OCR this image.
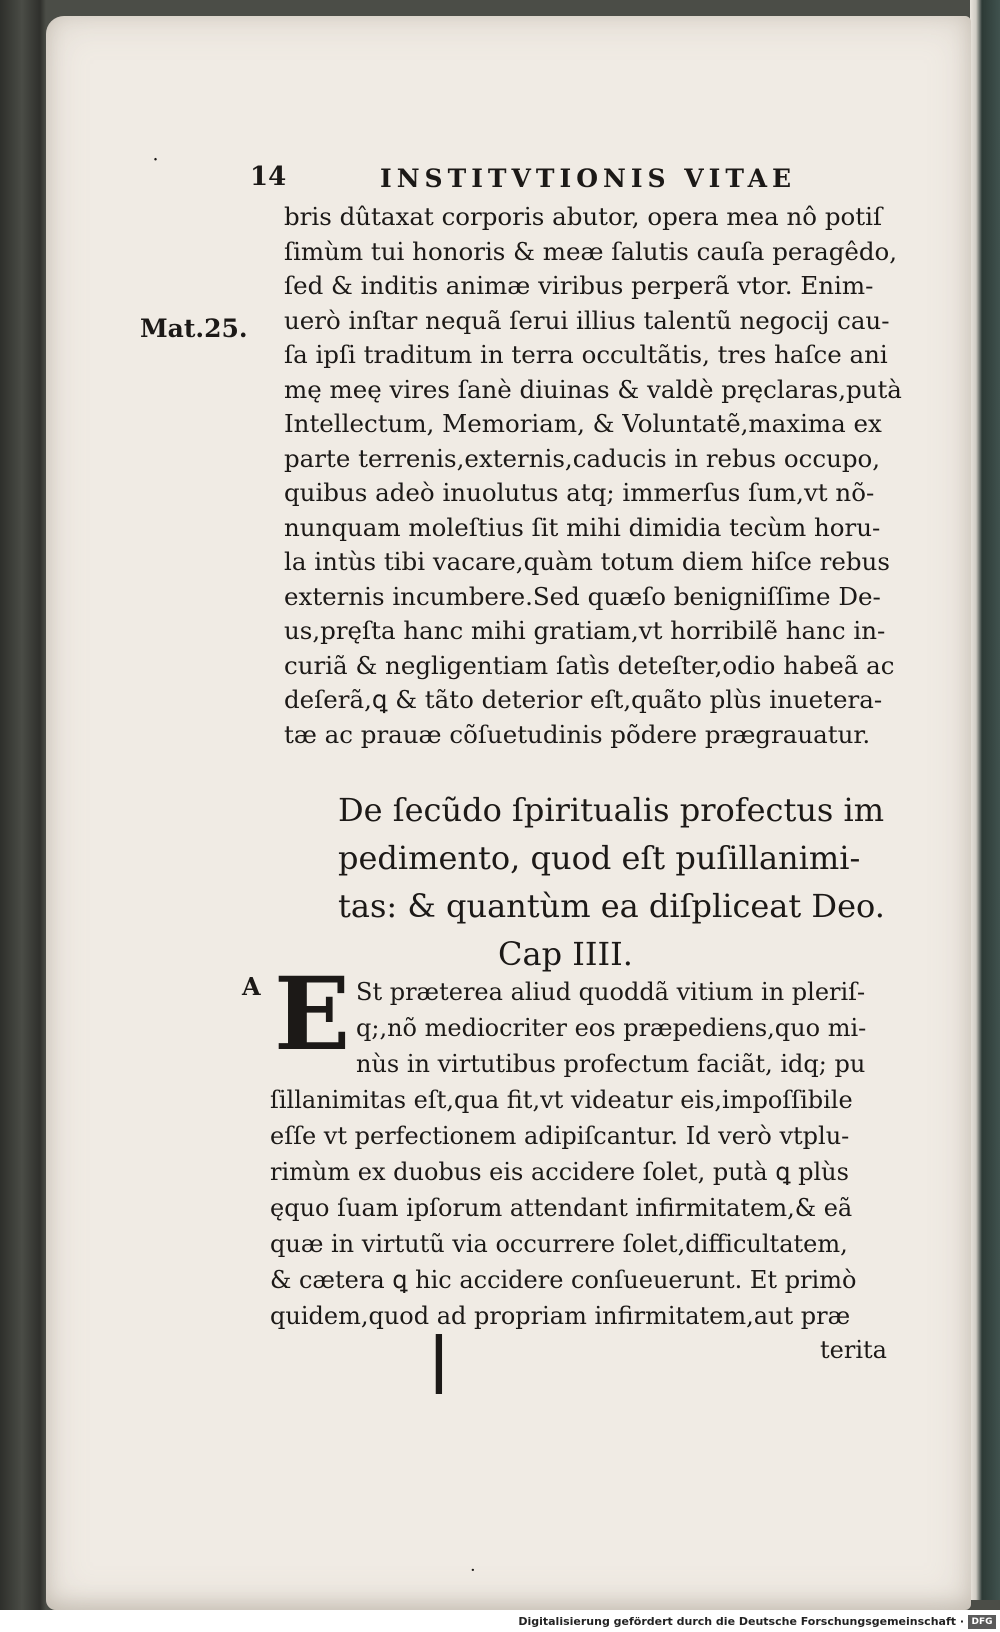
˙	14	INSTITVTIONIS VITAE
Mat.25.
bris dûtaxat corporis abutor, opera mea nô potiſ
ſimùm tui honoris & meæ ſalutis cauſa peragêdo,
ſed & inditis animæ viribus perperã vtor. Enim-
uerò inſtar nequã ſerui illius talentũ negocij cau-
ſa ipſi traditum in terra occultãtis, tres haſce ani
mę meę vires ſanè diuinas & valdè pręclaras,putà
Intellectum, Memoriam, & Voluntatẽ,maxima ex
parte terrenis,externis,caducis in rebus occupo,
quibus adeò inuolutus atq; immerſus ſum,vt nõ-
nunquam moleſtius ſit mihi dimidia tecùm horu-
la intùs tibi vacare,quàm totum diem hiſce rebus
externis incumbere.Sed quæſo benigniſſime De-
us,pręſta hanc mihi gratiam,vt horribilẽ hanc in-
curiã & negligentiam ſatìs deteſter,odio habeã ac
deſerã,ꝗ & tãto deterior eſt,quãto plùs inuetera-
tæ ac prauæ cõſuetudinis põdere prægrauatur.
De ſecũdo ſpiritualis profectus im
pedimento, quod eſt puſillanimi-
tas: & quantùm ea diſpliceat Deo.
Cap IIII.
A E St præterea aliud quoddã vitium in pleriſ-
q;,nõ mediocriter eos præpediens,quo mi-
nùs in virtutibus profectum faciãt, idq; pu
ſillanimitas eſt,qua fit,vt videatur eis,impoſſibile
eſſe vt perfectionem adipiſcantur. Id verò vtplu-
rimùm ex duobus eis accidere ſolet, putà ꝗ plùs
ęquo ſuam ipſorum attendant infirmitatem,& eã
quæ in virtutũ via occurrere ſolet,difficultatem,
& cætera ꝗ hic accidere conſueuerunt. Et primò
quidem,quod ad propriam infirmitatem,aut præ
terita
|
·
Digitalisierung gefördert durch die Deutsche Forschungsgemeinschaft · DFG
